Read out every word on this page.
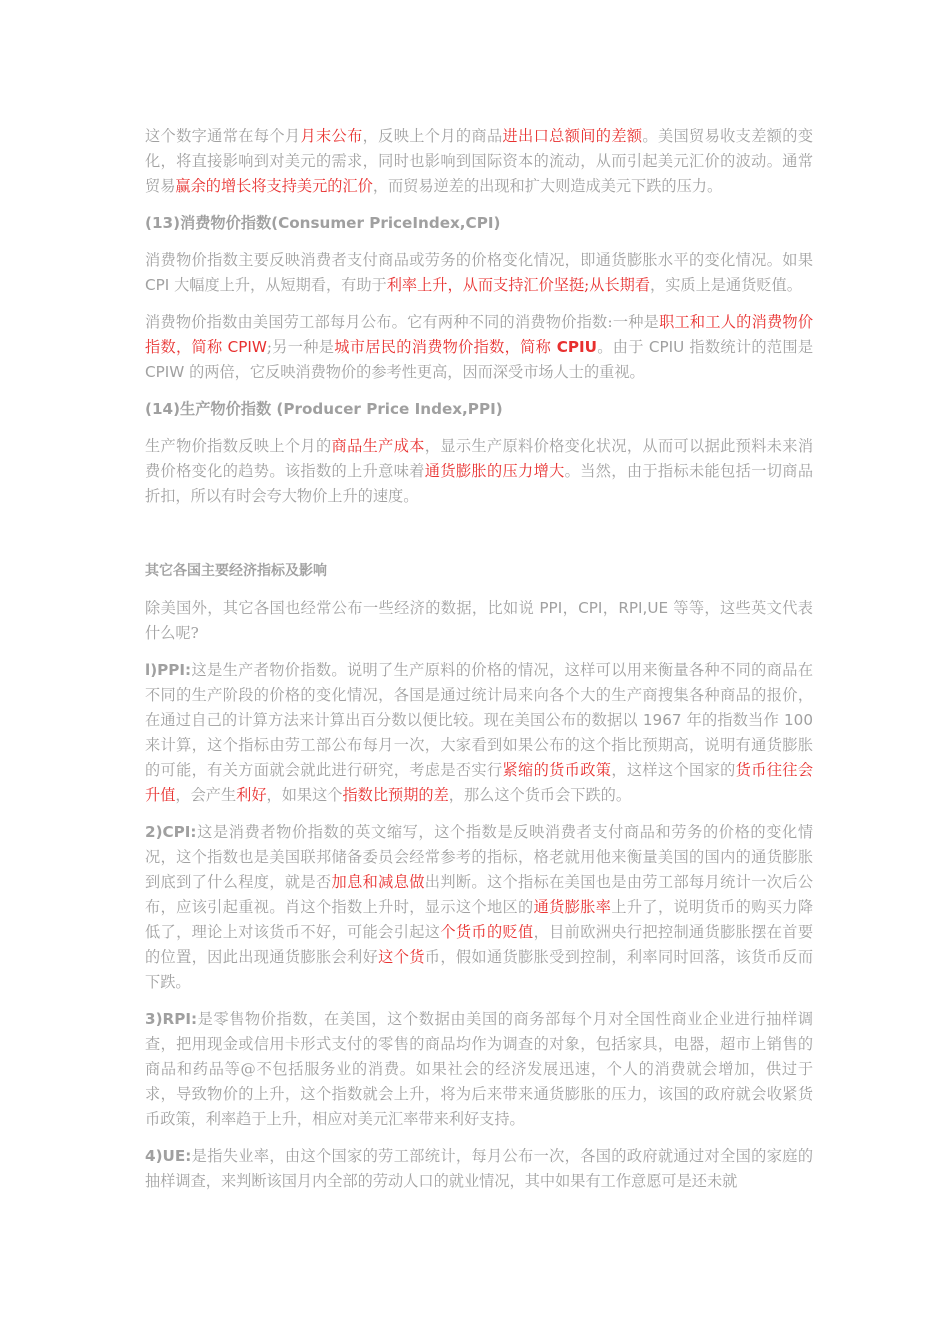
这个数字通常在每个月月末公布，反映上个月的商品进出口总额间的差额。美国贸易收支差额的变化，将直接影响到对美元的需求，同时也影响到国际资本的流动，从而引起美元汇价的波动。通常贸易赢余的增长将支持美元的汇价，而贸易逆差的出现和扩大则造成美元下跌的压力。

(13)消费物价指数(Consumer PriceIndex,CPI)

消费物价指数主要反映消费者支付商品或劳务的价格变化情况，即通货膨胀水平的变化情况。如果 CPI 大幅度上升，从短期看，有助于利率上升，从而支持汇价坚挺;从长期看，实质上是通货贬值。

消费物价指数由美国劳工部每月公布。它有两种不同的消费物价指数:一种是职工和工人的消费物价指数，简称 CPIW;另一种是城市居民的消费物价指数，简称 CPIU。由于 CPIU 指数统计的范围是 CPIW 的两倍，它反映消费物价的参考性更高，因而深受市场人士的重视。

(14)生产物价指数 (Producer Price Index,PPI)

生产物价指数反映上个月的商品生产成本，显示生产原料价格变化状况，从而可以据此预料未来消费价格变化的趋势。该指数的上升意味着通货膨胀的压力增大。当然，由于指标未能包括一切商品折扣，所以有时会夸大物价上升的速度。

其它各国主要经济指标及影响

除美国外，其它各国也经常公布一些经济的数据，比如说 PPI，CPI，RPI,UE 等等，这些英文代表什么呢?

l)PPI:这是生产者物价指数。说明了生产原料的价格的情况，这样可以用来衡量各种不同的商品在不同的生产阶段的价格的变化情况，各国是通过统计局来向各个大的生产商搜集各种商品的报价，在通过自己的计算方法来计算出百分数以便比较。现在美国公布的数据以 1967 年的指数当作 100 来计算，这个指标由劳工部公布每月一次，大家看到如果公布的这个指比预期高，说明有通货膨胀的可能，有关方面就会就此进行研究，考虑是否实行紧缩的货币政策，这样这个国家的货币往往会升值，会产生利好，如果这个指数比预期的差，那么这个货币会下跌的。

2)CPI:这是消费者物价指数的英文缩写，这个指数是反映消费者支付商品和劳务的价格的变化情况，这个指数也是美国联邦储备委员会经常参考的指标，格老就用他来衡量美国的国内的通货膨胀到底到了什么程度，就是否加息和减息做出判断。这个指标在美国也是由劳工部每月统计一次后公布，应该引起重视。肖这个指数上升时，显示这个地区的通货膨胀率上升了，说明货币的购买力降低了，理论上对该货币不好，可能会引起这个货币的贬值，目前欧洲央行把控制通货膨胀摆在首要的位置，因此出现通货膨胀会利好这个货币，假如通货膨胀受到控制，利率同时回落，该货币反而下跌。

3)RPI:是零售物价指数，在美国，这个数据由美国的商务部每个月对全国性商业企业进行抽样调查，把用现金或信用卡形式支付的零售的商品均作为调查的对象，包括家具，电器，超市上销售的商品和药品等@不包括服务业的消费。如果社会的经济发展迅速，个人的消费就会增加，供过于求，导致物价的上升，这个指数就会上升，将为后来带来通货膨胀的压力，该国的政府就会收紧货币政策，利率趋于上升，相应对美元汇率带来利好支持。

4)UE:是指失业率，由这个国家的劳工部统计，每月公布一次，各国的政府就通过对全国的家庭的抽样调查，来判断该国月内全部的劳动人口的就业情况，其中如果有工作意愿可是还未就
